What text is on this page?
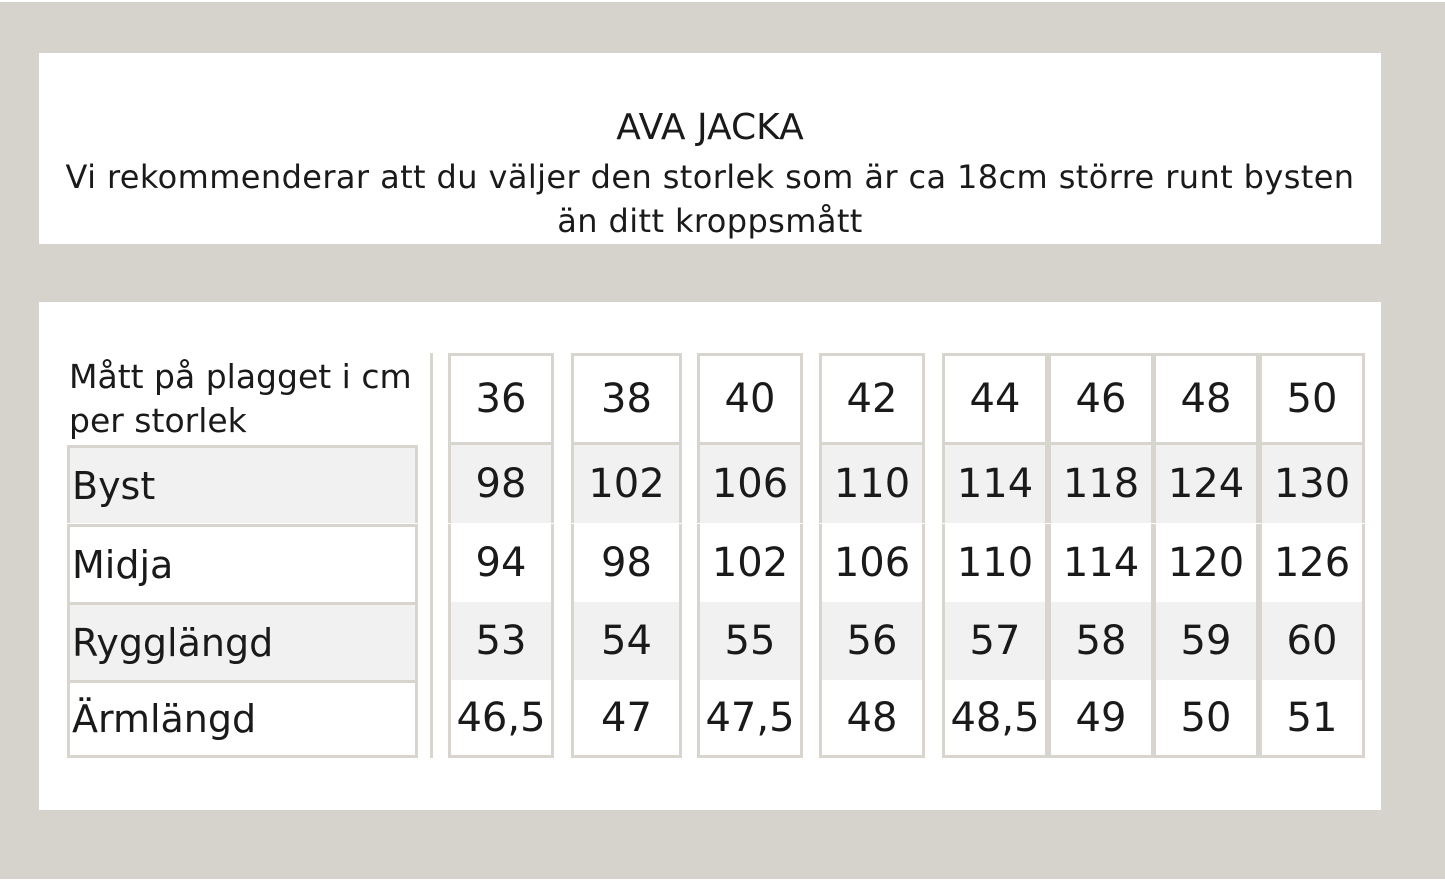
AVA JACKA
Vi rekommenderar att du väljer den storlek som är ca 18cm större runt bysten
än ditt kroppsmått
Mått på plagget i cm
per storlek	36	38	40	42	44	46	48	50
Byst	98	102	106	110	114 118 124 130
Midja	94	98	102	106	110 114 120 126
Rygglängd	53	54	55	56	57	58	59	60
Ärmlängd	46,5	47	47,5	48	48,5 49	50	51
